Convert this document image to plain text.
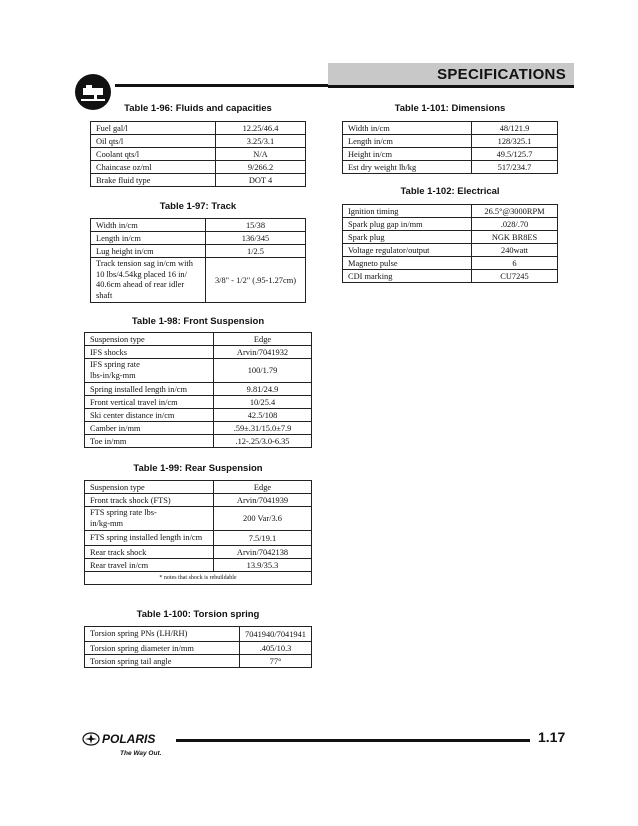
SPECIFICATIONS
Table 1-96: Fluids and capacities
Fuel gal/l	12.25/46.4
Oil qts/l	3.25/3.1
Coolant qts/l	N/A
Chaincase oz/ml	9/266.2
Brake fluid type	DOT 4
Table 1-97: Track
Width in/cm	15/38
Length in/cm	136/345
Lug height in/cm	1/2.5
Track tension sag in/cm with 10 lbs/4.54kg placed 16 in/ 40.6cm ahead of rear idler shaft	3/8" - 1/2" (.95-1.27cm)
Table 1-98: Front Suspension
Suspension type	Edge
IFS shocks	Arvin/7041932
IFS spring rate lbs-in/kg-mm	100/1.79
Spring installed length in/cm	9.81/24.9
Front vertical travel in/cm	10/25.4
Ski center distance in/cm	42.5/108
Camber in/mm	.59±.31/15.0±7.9
Toe in/mm	.12-.25/3.0-6.35
Table 1-99: Rear Suspension
Suspension type	Edge
Front track shock (FTS)	Arvin/7041939
FTS spring rate lbs-in/kg-mm	200 Var/3.6
FTS spring installed length in/cm	7.5/19.1
Rear track shock	Arvin/7042138
Rear travel in/cm	13.9/35.3
* notes that shock is rebuildable	
Table 1-100: Torsion spring
Torsion spring PNs (LH/RH)	7041940/7041941
Torsion spring diameter in/mm	.405/10.3
Torsion spring tail angle	77°
Table 1-101: Dimensions
Width in/cm	48/121.9
Length in/cm	128/325.1
Height in/cm	49.5/125.7
Est dry weight lb/kg	517/234.7
Table 1-102: Electrical
Ignition timing	26.5°@3000RPM
Spark plug gap in/mm	.028/.70
Spark plug	NGK BR8ES
Voltage regulator/output	240watt
Magneto pulse	6
CDI marking	CU7245
POLARIS
The Way Out.
1.17
